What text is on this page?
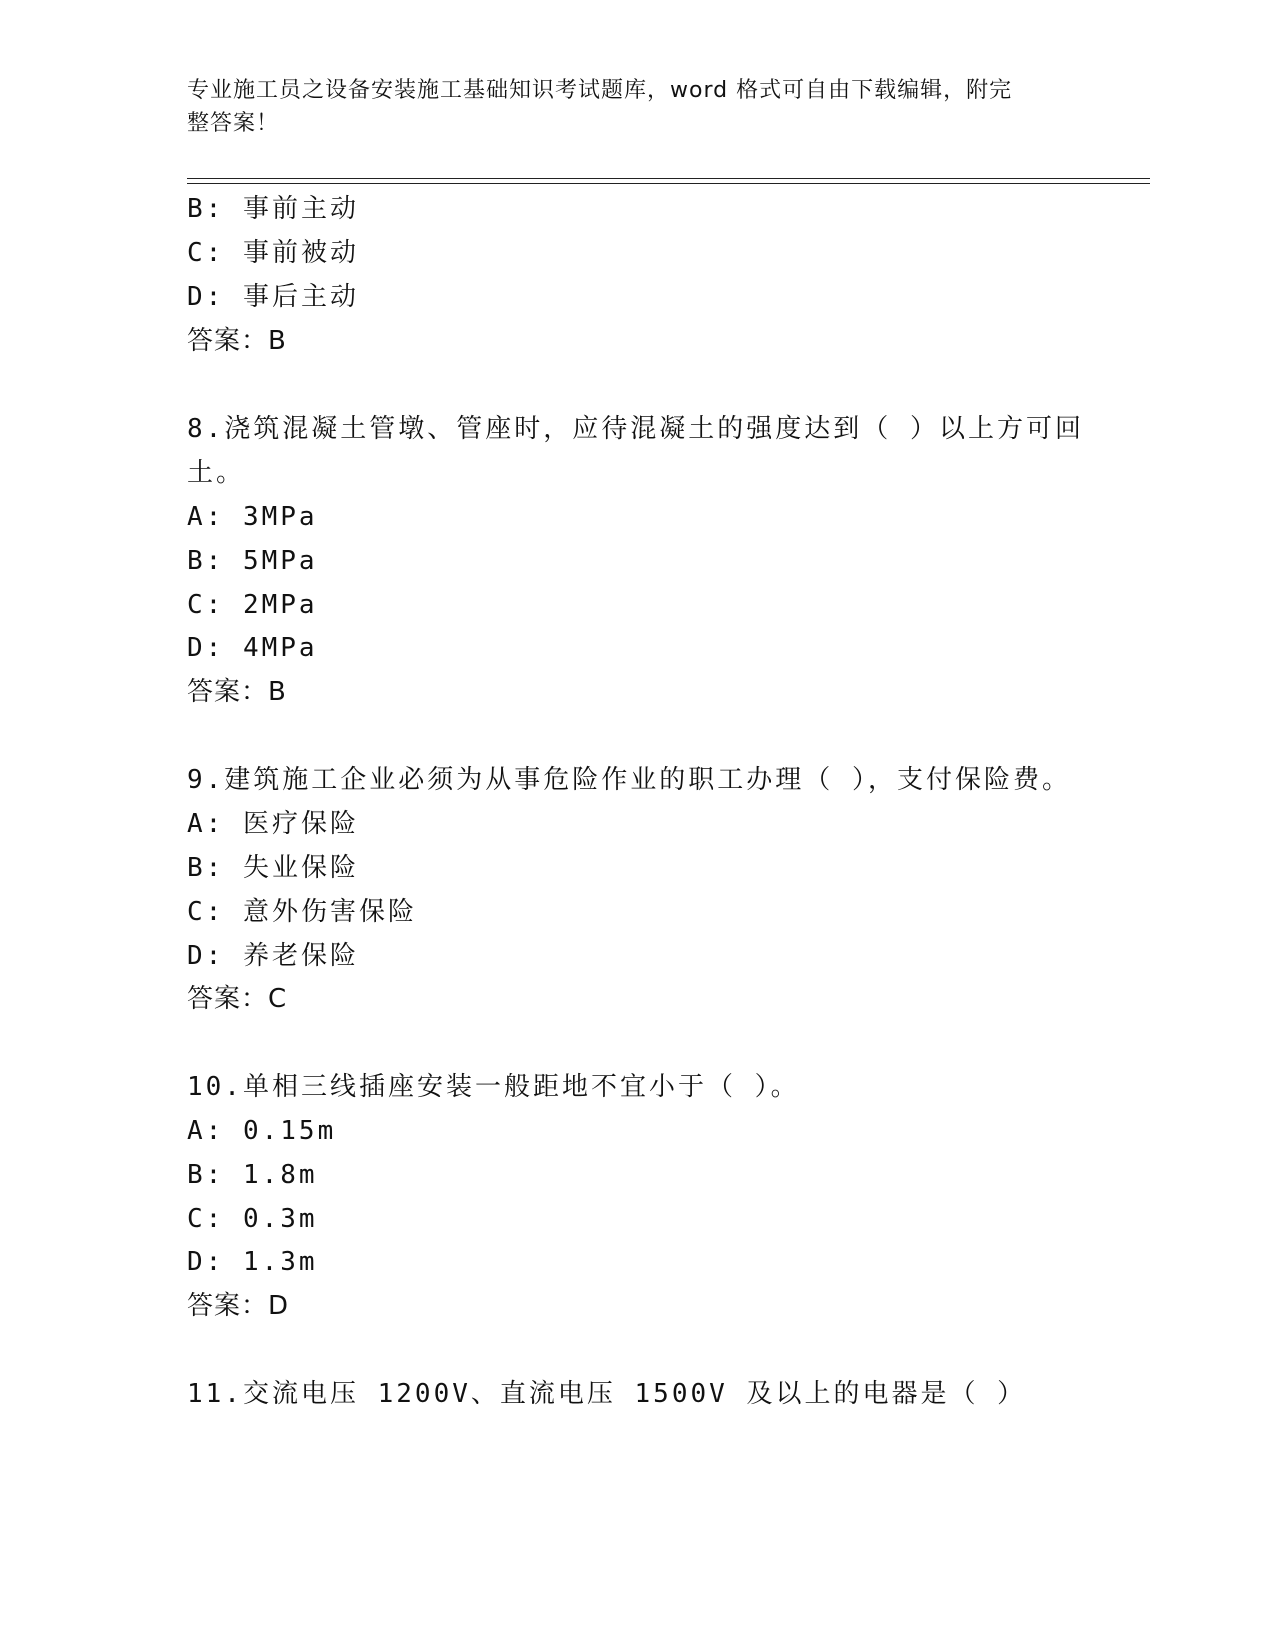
专业施工员之设备安装施工基础知识考试题库，word 格式可自由下载编辑，附完
整答案！

B: 事前主动

C: 事前被动

D: 事后主动

答案：B

8.浇筑混凝土管墩、管座时，应待混凝土的强度达到（ ）以上方可回

土。

A: 3MPa

B: 5MPa

C: 2MPa

D: 4MPa

答案：B

9.建筑施工企业必须为从事危险作业的职工办理（ ），支付保险费。

A: 医疗保险

B: 失业保险

C: 意外伤害保险

D: 养老保险

答案：C

10.单相三线插座安装一般距地不宜小于（ ）。

A: 0.15m

B: 1.8m

C: 0.3m

D: 1.3m

答案：D

11.交流电压 1200V、直流电压 1500V 及以上的电器是（ ）
